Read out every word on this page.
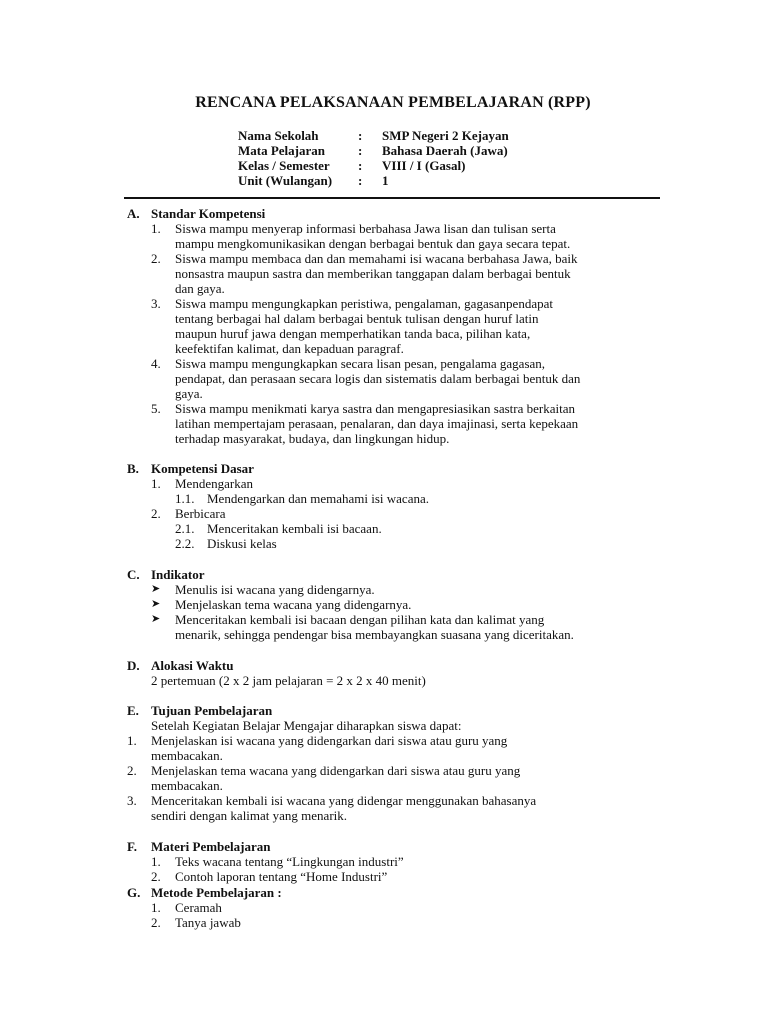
RENCANA PELAKSANAAN PEMBELAJARAN (RPP)
Nama Sekolah	:	SMP Negeri 2 Kejayan
Mata Pelajaran	:	Bahasa Daerah (Jawa)
Kelas / Semester	:	VIII / I (Gasal)
Unit (Wulangan)	:	1
A. Standar Kompetensi
1.	Siswa mampu menyerap informasi berbahasa Jawa lisan dan tulisan serta
mampu mengkomunikasikan dengan berbagai bentuk dan gaya secara tepat.
2.	Siswa mampu membaca dan dan memahami isi wacana berbahasa Jawa, baik
nonsastra maupun sastra dan memberikan tanggapan dalam berbagai bentuk
dan gaya.
3.	Siswa mampu mengungkapkan peristiwa, pengalaman, gagasanpendapat
tentang berbagai hal dalam berbagai bentuk tulisan dengan huruf latin
maupun huruf jawa dengan memperhatikan tanda baca, pilihan kata,
keefektifan kalimat, dan kepaduan paragraf.
4.	Siswa mampu mengungkapkan secara lisan pesan, pengalama gagasan,
pendapat, dan perasaan secara logis dan sistematis dalam berbagai bentuk dan
gaya.
5.	Siswa mampu menikmati karya sastra dan mengapresiasikan sastra berkaitan
latihan mempertajam perasaan, penalaran, dan daya imajinasi, serta kepekaan
terhadap masyarakat, budaya, dan lingkungan hidup.
B. Kompetensi Dasar
1.	Mendengarkan
1.1. Mendengarkan dan memahami isi wacana.
2.	Berbicara
2.1. Menceritakan kembali isi bacaan.
2.2. Diskusi kelas
C. Indikator
➤	Menulis isi wacana yang didengarnya.
➤	Menjelaskan tema wacana yang didengarnya.
➤	Menceritakan kembali isi bacaan dengan pilihan kata dan kalimat yang
menarik, sehingga pendengar bisa membayangkan suasana yang diceritakan.
D. Alokasi Waktu
2 pertemuan (2 x 2 jam pelajaran = 2 x 2 x 40 menit)
E. Tujuan Pembelajaran
Setelah Kegiatan Belajar Mengajar diharapkan siswa dapat:
1.	Menjelaskan isi wacana yang didengarkan dari siswa atau guru yang
membacakan.
2.	Menjelaskan tema wacana yang didengarkan dari siswa atau guru yang
membacakan.
3.	Menceritakan kembali isi wacana yang didengar menggunakan bahasanya
sendiri dengan kalimat yang menarik.
F.	Materi Pembelajaran
1.	Teks wacana tentang “Lingkungan industri”
2.	Contoh laporan tentang “Home Industri”
G. Metode Pembelajaran :
1.	Ceramah
2.	Tanya jawab
